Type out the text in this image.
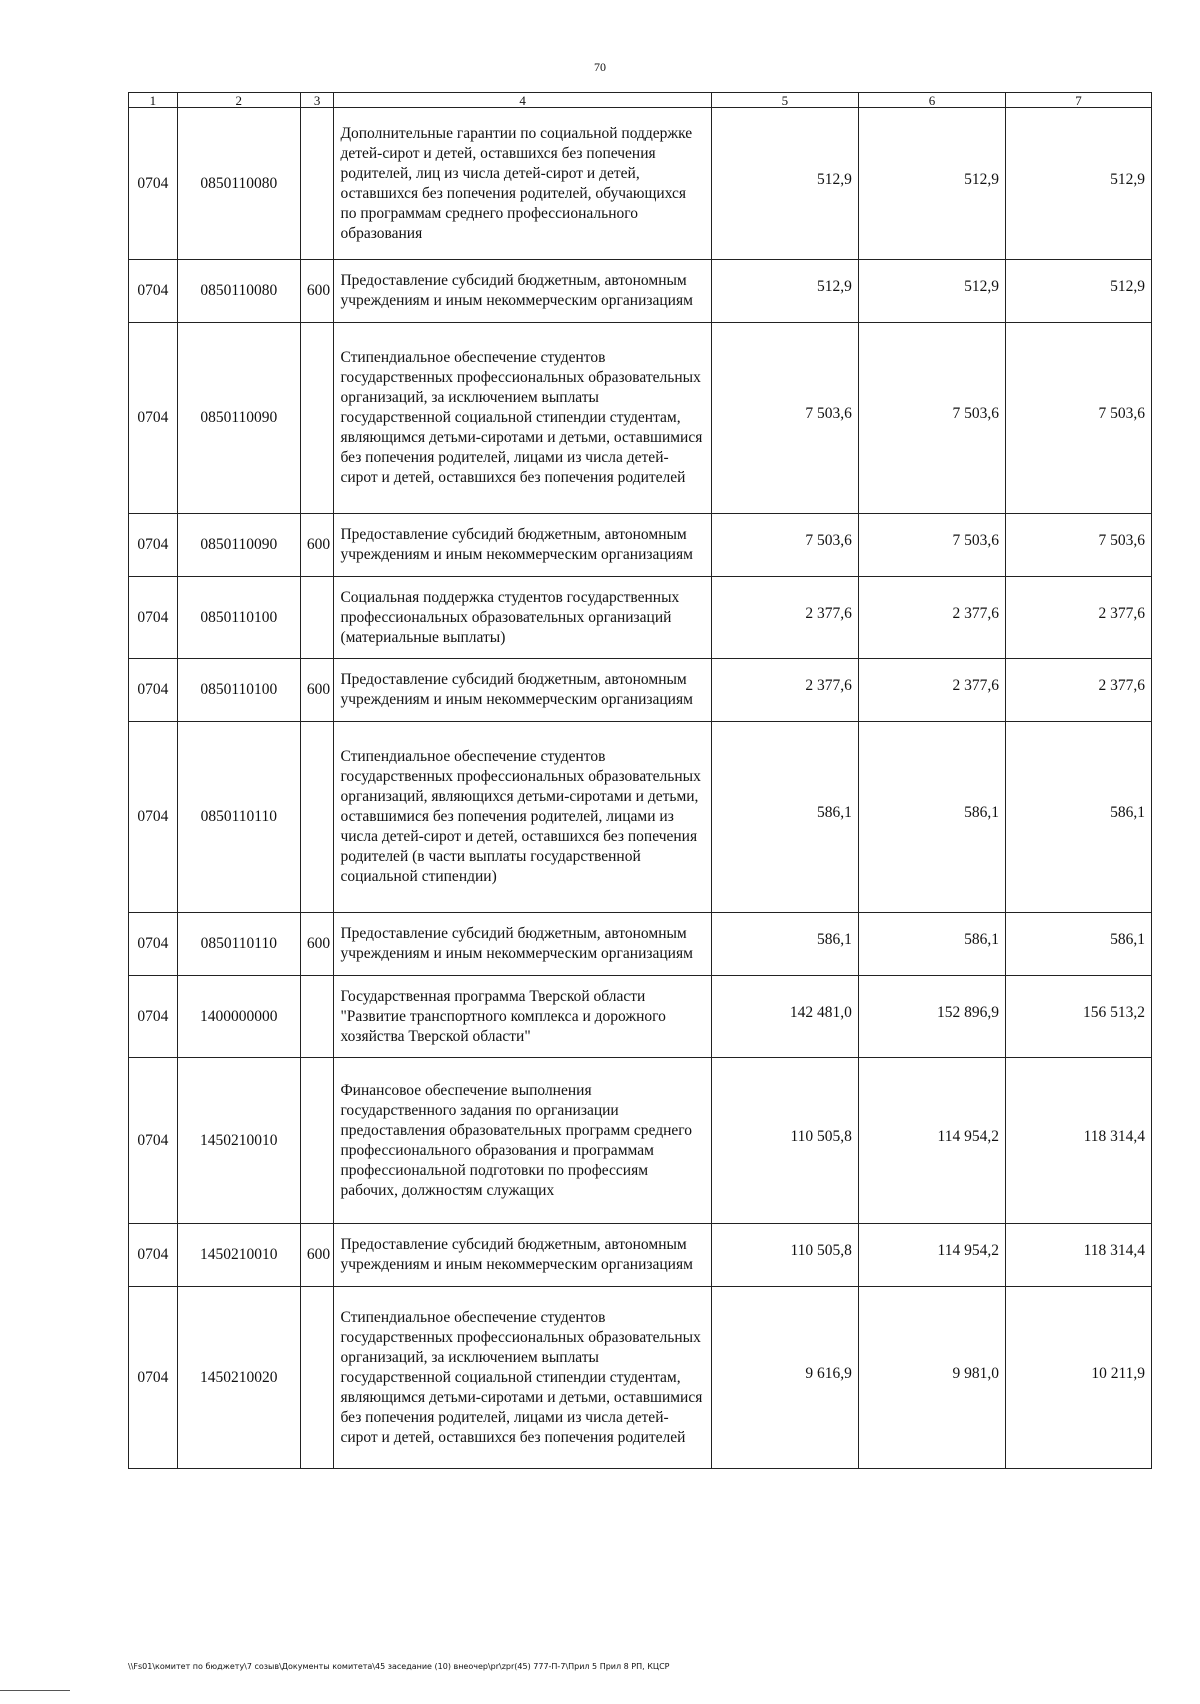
70
1	2	3	4	5	6	7
0704	0850110080		Дополнительные гарантии по социальной поддержке детей-сирот и детей, оставшихся без попечения родителей, лиц из числа детей-сирот и детей, оставшихся без попечения родителей, обучающихся по программам среднего профессионального образования	512,9	512,9	512,9
0704	0850110080	600	Предоставление субсидий бюджетным, автономным учреждениям и иным некоммерческим организациям	512,9	512,9	512,9
0704	0850110090		Стипендиальное обеспечение студентов государственных профессиональных образовательных организаций, за исключением выплаты государственной социальной стипендии студентам, являющимся детьми-сиротами и детьми, оставшимися без попечения родителей, лицами из числа детей-сирот и детей, оставшихся без попечения родителей	7 503,6	7 503,6	7 503,6
0704	0850110090	600	Предоставление субсидий бюджетным, автономным учреждениям и иным некоммерческим организациям	7 503,6	7 503,6	7 503,6
0704	0850110100		Социальная поддержка студентов государственных профессиональных образовательных организаций (материальные выплаты)	2 377,6	2 377,6	2 377,6
0704	0850110100	600	Предоставление субсидий бюджетным, автономным учреждениям и иным некоммерческим организациям	2 377,6	2 377,6	2 377,6
0704	0850110110		Стипендиальное обеспечение студентов государственных профессиональных образовательных организаций, являющихся детьми-сиротами и детьми, оставшимися без попечения родителей, лицами из числа детей-сирот и детей, оставшихся без попечения родителей (в части выплаты государственной социальной стипендии)	586,1	586,1	586,1
0704	0850110110	600	Предоставление субсидий бюджетным, автономным учреждениям и иным некоммерческим организациям	586,1	586,1	586,1
0704	1400000000		Государственная программа Тверской области "Развитие транспортного комплекса и дорожного хозяйства Тверской области"	142 481,0	152 896,9	156 513,2
0704	1450210010		Финансовое обеспечение выполнения государственного задания по организации предоставления образовательных программ среднего профессионального образования и программам профессиональной подготовки по профессиям рабочих, должностям служащих	110 505,8	114 954,2	118 314,4
0704	1450210010	600	Предоставление субсидий бюджетным, автономным учреждениям и иным некоммерческим организациям	110 505,8	114 954,2	118 314,4
0704	1450210020		Стипендиальное обеспечение студентов государственных профессиональных образовательных организаций, за исключением выплаты государственной социальной стипендии студентам, являющимся детьми-сиротами и детьми, оставшимися без попечения родителей, лицами из числа детей-сирот и детей, оставшихся без попечения родителей	9 616,9	9 981,0	10 211,9
\\Fs01\комитет по бюджету\7 созыв\Документы комитета\45 заседание (10) внеочер\pr\zpr(45) 777-П-7\Прил 5 Прил 8 РП, КЦСР
